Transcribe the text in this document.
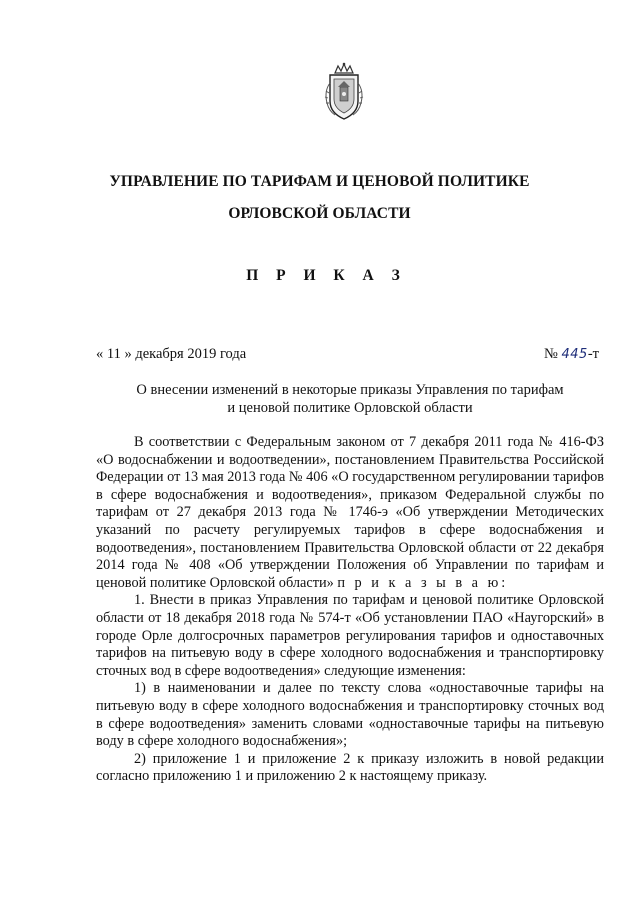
УПРАВЛЕНИЕ ПО ТАРИФАМ И ЦЕНОВОЙ ПОЛИТИКЕ
ОРЛОВСКОЙ ОБЛАСТИ
П Р И К А З
« 11 » декабря 2019 года	№ 445-т
О внесении изменений в некоторые приказы Управления по тарифам
и ценовой политике Орловской области

В соответствии с Федеральным законом от 7 декабря 2011 года № 416-ФЗ «О водоснабжении и водоотведении», постановлением Правительства Российской Федерации от 13 мая 2013 года № 406 «О государственном регулировании тарифов в сфере водоснабжения и водоотведения», приказом Федеральной службы по тарифам от 27 декабря 2013 года № 1746-э «Об утверждении Методических указаний по расчету регулируемых тарифов в сфере водоснабжения и водоотведения», постановлением Правительства Орловской области от 22 декабря 2014 года № 408 «Об утверждении Положения об Управлении по тарифам и ценовой политике Орловской области» п р и к а з ы в а ю:

1. Внести в приказ Управления по тарифам и ценовой политике Орловской области от 18 декабря 2018 года № 574-т «Об установлении ПАО «Наугорский» в городе Орле долгосрочных параметров регулирования тарифов и одноставочных тарифов на питьевую воду в сфере холодного водоснабжения и транспортировку сточных вод в сфере водоотведения» следующие изменения:

1) в наименовании и далее по тексту слова «одноставочные тарифы на питьевую воду в сфере холодного водоснабжения и транспортировку сточных вод в сфере водоотведения» заменить словами «одноставочные тарифы на питьевую воду в сфере холодного водоснабжения»;

2) приложение 1 и приложение 2 к приказу изложить в новой редакции согласно приложению 1 и приложению 2 к настоящему приказу.
